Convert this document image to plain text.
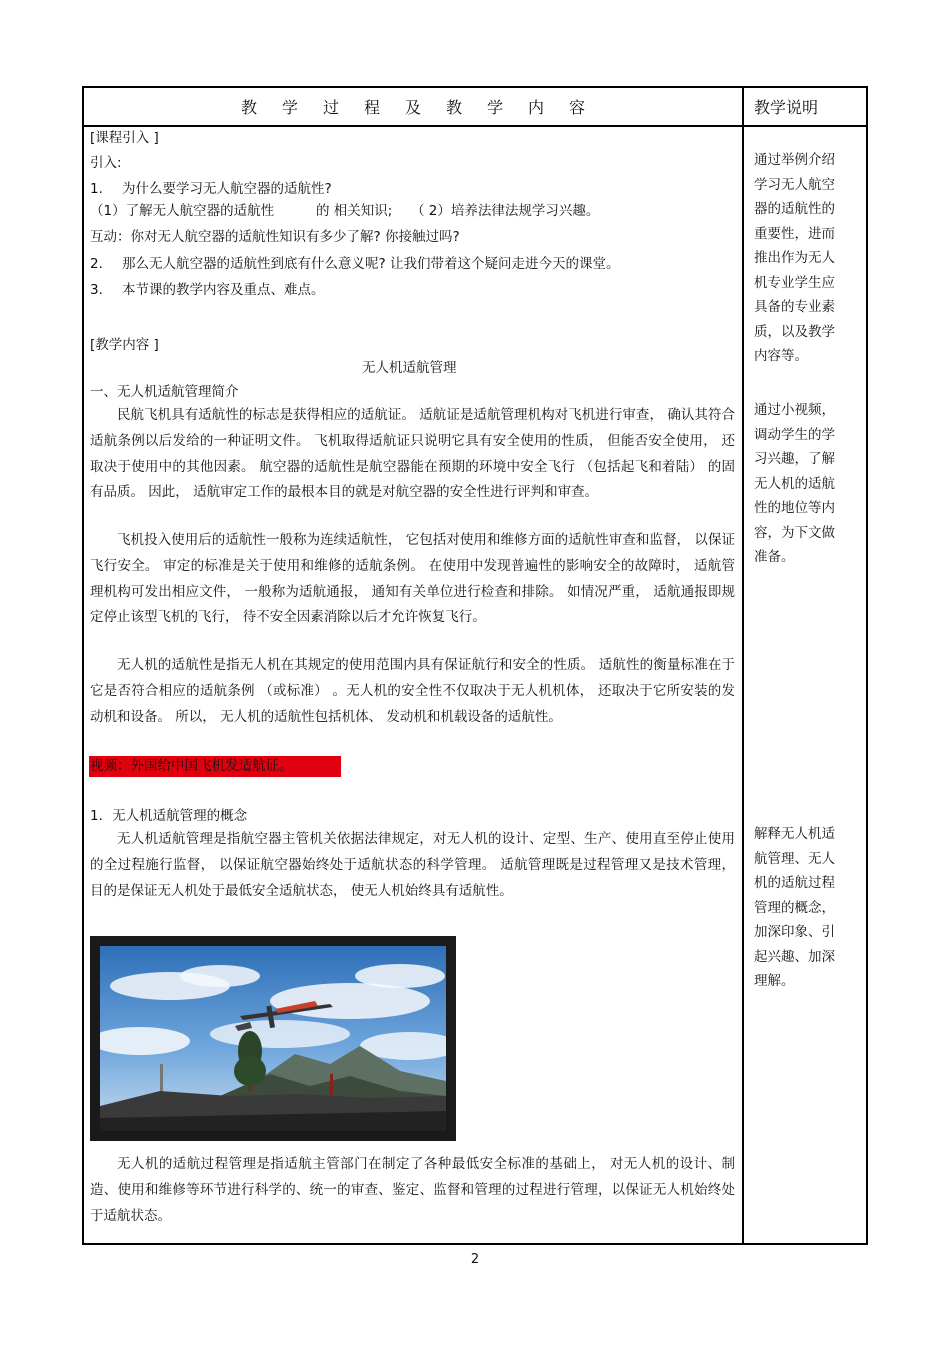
教学过程及教学内容	教学说明
[课程引入 ]
引入:
1. 为什么要学习无人航空器的适航性?
（1）了解无人航空器的适航性	的 相关知识; （ 2）培养法律法规学习兴趣。
互动：你对无人航空器的适航性知识有多少了解? 你接触过吗?
2. 那么无人航空器的适航性到底有什么意义呢? 让我们带着这个疑问走进今天的课堂。
3. 本节课的教学内容及重点、难点。
[教学内容 ]
无人机适航管理
一、无人机适航管理简介

民航飞机具有适航性的标志是获得相应的适航证。 适航证是适航管理机构对飞机进行审查， 确认其符合适航条例以后发给的一种证明文件。 飞机取得适航证只说明它具有安全使用的性质， 但能否安全使用， 还取决于使用中的其他因素。 航空器的适航性是航空器能在预期的环境中安全飞行 （包括起飞和着陆） 的固有品质。 因此， 适航审定工作的最根本目的就是对航空器的安全性进行评判和审查。

飞机投入使用后的适航性一般称为连续适航性， 它包括对使用和维修方面的适航性审查和监督， 以保证飞行安全。 审定的标准是关于使用和维修的适航条例。 在使用中发现普遍性的影响安全的故障时， 适航管理机构可发出相应文件， 一般称为适航通报， 通知有关单位进行检查和排除。 如情况严重， 适航通报即规定停止该型飞机的飞行， 待不安全因素消除以后才允许恢复飞行。

无人机的适航性是指无人机在其规定的使用范围内具有保证航行和安全的性质。 适航性的衡量标准在于它是否符合相应的适航条例 （或标准） 。无人机的安全性不仅取决于无人机机体， 还取决于它所安装的发动机和设备。 所以， 无人机的适航性包括机体、 发动机和机载设备的适航性。

视频：外国给中国飞机发适航证。
1．无人机适航管理的概念

无人机适航管理是指航空器主管机关依据法律规定，对无人机的设计、定型、生产、使用直至停止使用的全过程施行监督， 以保证航空器始终处于适航状态的科学管理。 适航管理既是过程管理又是技术管理， 目的是保证无人机处于最低安全适航状态， 使无人机始终具有适航性。

无人机的适航过程管理是指适航主管部门在制定了各种最低安全标准的基础上， 对无人机的设计、制造、使用和维修等环节进行科学的、统一的审查、鉴定、监督和管理的过程进行管理，以保证无人机始终处于适航状态。

通过举例介绍学习无人航空器的适航性的重要性，进而推出作为无人机专业学生应具备的专业素质，以及教学内容等。
通过小视频，调动学生的学习兴趣，了解无人机的适航性的地位等内容，为下文做准备。
解释无人机适航管理、无人机的适航过程管理的概念，加深印象、引起兴趣、加深理解。
2
